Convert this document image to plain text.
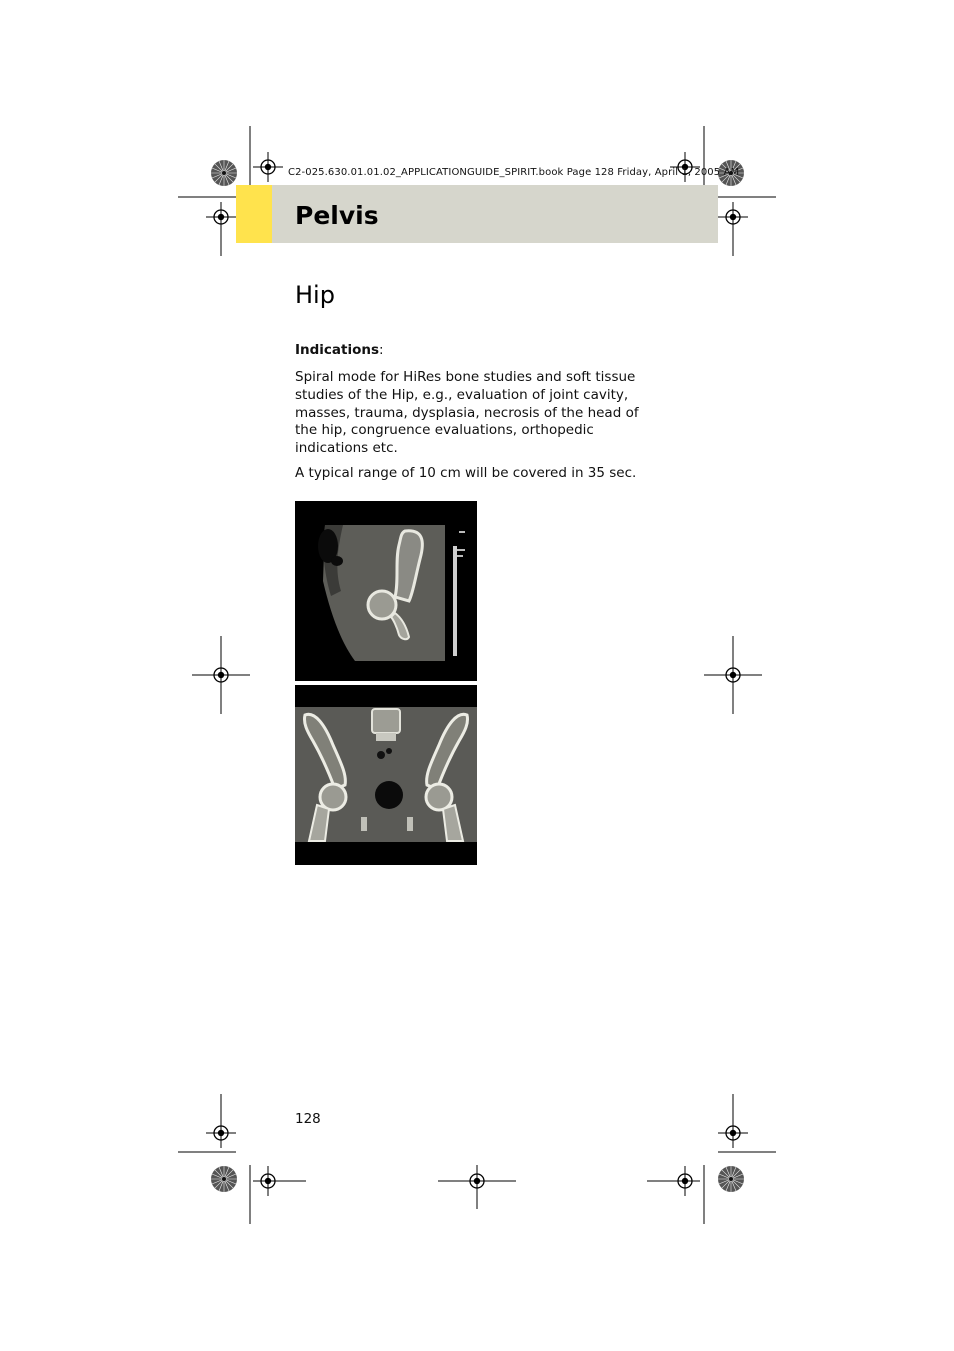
C2-025.630.01.01.02_APPLICATIONGUIDE_SPIRIT.book Page 128 Friday, April 1, 2005 AM
Pelvis
Hip
Indications:
Spiral mode for HiRes bone studies and soft tissue studies of the Hip, e.g., evaluation of joint cavity, masses, trauma, dysplasia, necrosis of the head of the hip, congruence evaluations, orthopedic indications etc.
A typical range of 10 cm will be covered in 35 sec.
128
